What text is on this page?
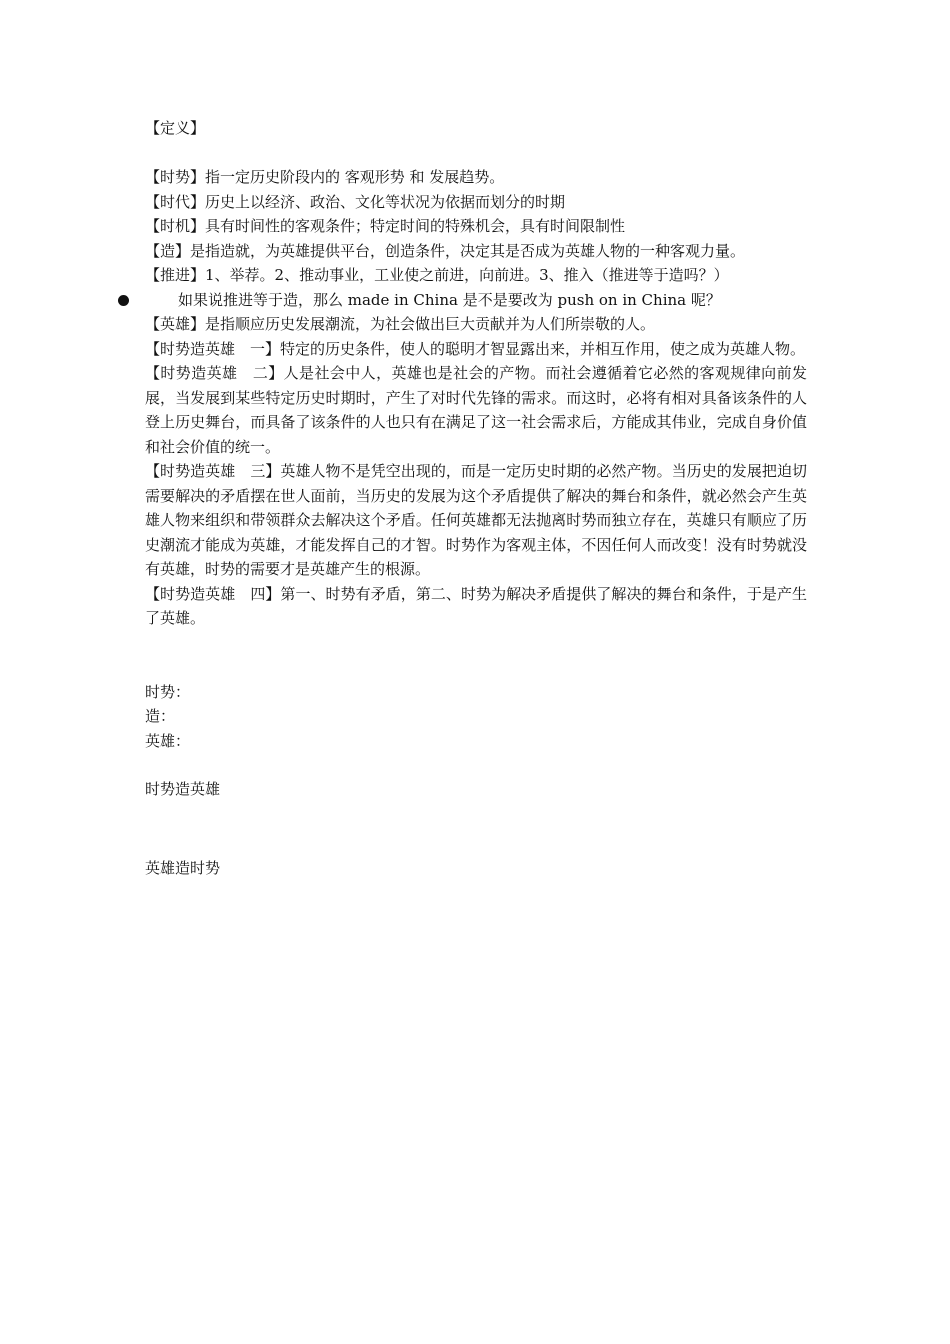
【定义】

【时势】指一定历史阶段内的 客观形势 和 发展趋势。

【时代】历史上以经济、政治、文化等状况为依据而划分的时期

【时机】具有时间性的客观条件；特定时间的特殊机会，具有时间限制性

【造】是指造就，为英雄提供平台，创造条件，决定其是否成为英雄人物的一种客观力量。

【推进】1、举荐。2、推动事业，工业使之前进，向前进。3、推入（推进等于造吗？）

如果说推进等于造，那么 made in China 是不是要改为 push on in China 呢？

【英雄】是指顺应历史发展潮流，为社会做出巨大贡献并为人们所崇敬的人。

【时势造英雄　一】特定的历史条件，使人的聪明才智显露出来，并相互作用，使之成为英雄人物。

【时势造英雄　二】人是社会中人，英雄也是社会的产物。而社会遵循着它必然的客观规律向前发展，当发展到某些特定历史时期时，产生了对时代先锋的需求。而这时，必将有相对具备该条件的人登上历史舞台，而具备了该条件的人也只有在满足了这一社会需求后，方能成其伟业，完成自身价值和社会价值的统一。

【时势造英雄　三】英雄人物不是凭空出现的，而是一定历史时期的必然产物。当历史的发展把迫切需要解决的矛盾摆在世人面前，当历史的发展为这个矛盾提供了解决的舞台和条件，就必然会产生英雄人物来组织和带领群众去解决这个矛盾。任何英雄都无法抛离时势而独立存在，英雄只有顺应了历史潮流才能成为英雄，才能发挥自己的才智。时势作为客观主体，不因任何人而改变！没有时势就没有英雄，时势的需要才是英雄产生的根源。

【时势造英雄　四】第一、时势有矛盾，第二、时势为解决矛盾提供了解决的舞台和条件，于是产生了英雄。

时势：

造：

英雄：

时势造英雄

英雄造时势
